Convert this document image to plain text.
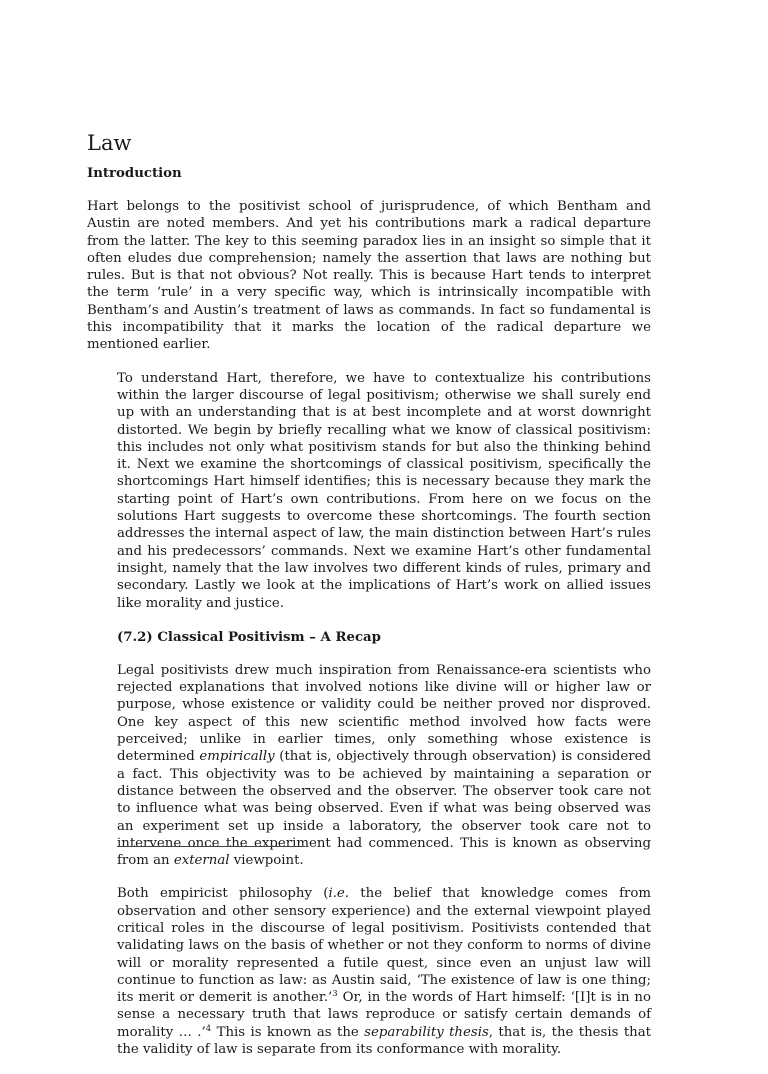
Law
Introduction

Hart belongs to the positivist school of jurisprudence, of which Bentham and Austin are noted members. And yet his contributions mark a radical departure from the latter. The key to this seeming paradox lies in an insight so simple that it often eludes due comprehension; namely the assertion that laws are nothing but rules. But is that not obvious? Not really. This is because Hart tends to interpret the term ‘rule’ in a very specific way, which is intrinsically incompatible with Bentham’s and Austin’s treatment of laws as commands. In fact so fundamental is this incompatibility that it marks the location of the radical departure we mentioned earlier.

To understand Hart, therefore, we have to contextualize his contributions within the larger discourse of legal positivism; otherwise we shall surely end up with an understanding that is at best incomplete and at worst downright distorted. We begin by briefly recalling what we know of classical positivism: this includes not only what positivism stands for but also the thinking behind it. Next we examine the shortcomings of classical positivism, specifically the shortcomings Hart himself identifies; this is necessary because they mark the starting point of Hart’s own contributions. From here on we focus on the solutions Hart suggests to overcome these shortcomings. The fourth section addresses the internal aspect of law, the main distinction between Hart’s rules and his predecessors’ commands. Next we examine Hart’s other fundamental insight, namely that the law involves two different kinds of rules, primary and secondary. Lastly we look at the implications of Hart’s work on allied issues like morality and justice.

(7.2) Classical Positivism – A Recap

Legal positivists drew much inspiration from Renaissance-era scientists who rejected explanations that involved notions like divine will or higher law or purpose, whose existence or validity could be neither proved nor disproved. One key aspect of this new scientific method involved how facts were perceived; unlike in earlier times, only something whose existence is determined empirically (that is, objectively through observation) is considered a fact. This objectivity was to be achieved by maintaining a separation or distance between the observed and the observer. The observer took care not to influence what was being observed. Even if what was being observed was an experiment set up inside a laboratory, the observer took care not to intervene once the experiment had commenced. This is known as observing from an external viewpoint.

Both empiricist philosophy (i.e. the belief that knowledge comes from observation and other sensory experience) and the external viewpoint played critical roles in the discourse of legal positivism. Positivists contended that validating laws on the basis of whether or not they conform to norms of divine will or morality represented a futile quest, since even an unjust law will continue to function as law: as Austin said, ‘The existence of law is one thing; its merit or demerit is another.’$^3$ Or, in the words of Hart himself: ‘[I]t is in no sense a necessary truth that laws reproduce or satisfy certain demands of morality … .’$^4$ This is known as the separability thesis, that is, the thesis that the validity of law is separate from its conformance with morality.
